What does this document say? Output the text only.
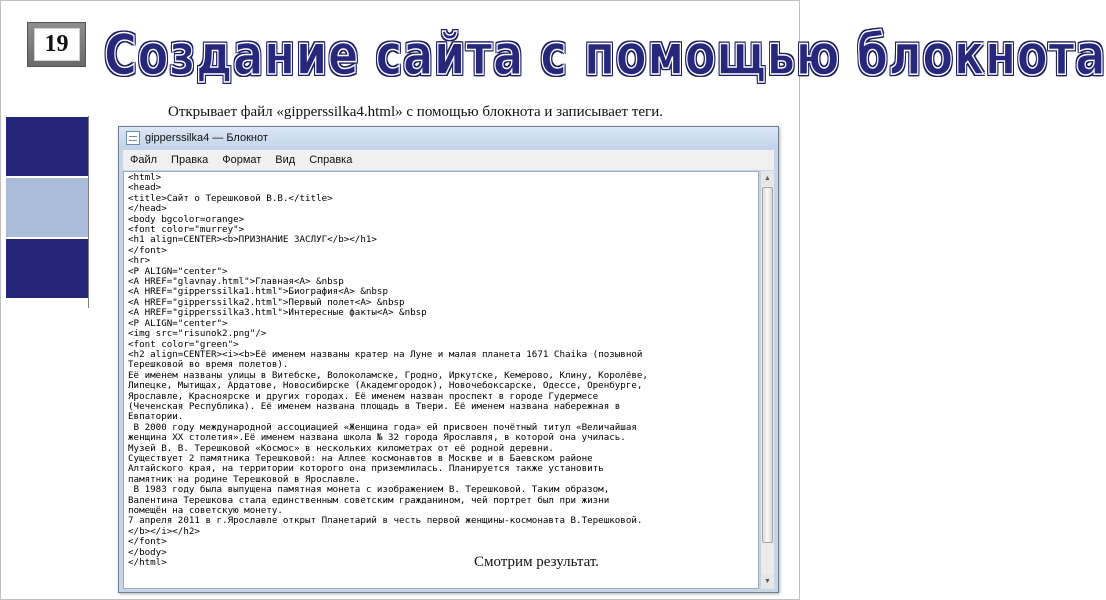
19 Создание сайта с помощью блокнота
Открывает файл «gipperssilka4.html» с помощью блокнота и записывает теги.
gipperssilka4 — Блокнот
Файл	Правка	Формат	Вид	Справка
<html>
<head>
<title>Сайт о Терешковой В.В.</title>
</head>
<body bgcolor=orange>
<font color="murrey">
<h1 align=CENTER><b>ПРИЗНАНИЕ ЗАСЛУГ</b></h1>
</font>
<hr>
<P ALIGN="center">
<A HREF="glavnay.html">Главная<A> &nbsp
<A HREF="gipperssilka1.html">Биография<A> &nbsp
<A HREF="gipperssilka2.html">Первый полет<A> &nbsp
<A HREF="gipperssilka3.html">Интересные факты<A> &nbsp
<P ALIGN="center">
<img src="risunok2.png"/>
<font color="green">
<h2 align=CENTER><i><b>Её именем названы кратер на Луне и малая планета 1671 Chaika (позывной
Терешковой во время полетов).
Её именем названы улицы в Витебске, Волоколамске, Гродно, Иркутске, Кемерово, Клину, Королёве,
Липецке, Мытищах, Ардатове, Новосибирске (Академгородок), Новочебоксарске, Одессе, Оренбурге,
Ярославле, Красноярске и других городах. Её именем назван проспект в городе Гудермесе
(Чеченская Республика). Её именем названа площадь в Твери. Её именем названа набережная в
Евпатории.
В 2000 году международной ассоциацией «Женщина года» ей присвоен почётный титул «Величайшая
женщина XX столетия».Её именем названа школа № 32 города Ярославля, в которой она училась.
Музей В. В. Терешковой «Космос» в нескольких километрах от её родной деревни.
Существует 2 памятника Терешковой: на Аллее космонавтов в Москве и в Баевском районе
Алтайского края, на территории которого она приземлилась. Планируется также установить
памятник на родине Терешковой в Ярославле.
В 1983 году была выпущена памятная монета с изображением В. Терешковой. Таким образом,
Валентина Терешкова стала единственным советским гражданином, чей портрет был при жизни
помещён на советскую монету.
7 апреля 2011 в г.Ярославле открыт Планетарий в честь первой женщины-космонавта В.Терешковой.
</b></i></h2>
</font>
</body>
</html>

▲
▼
Смотрим результат.
